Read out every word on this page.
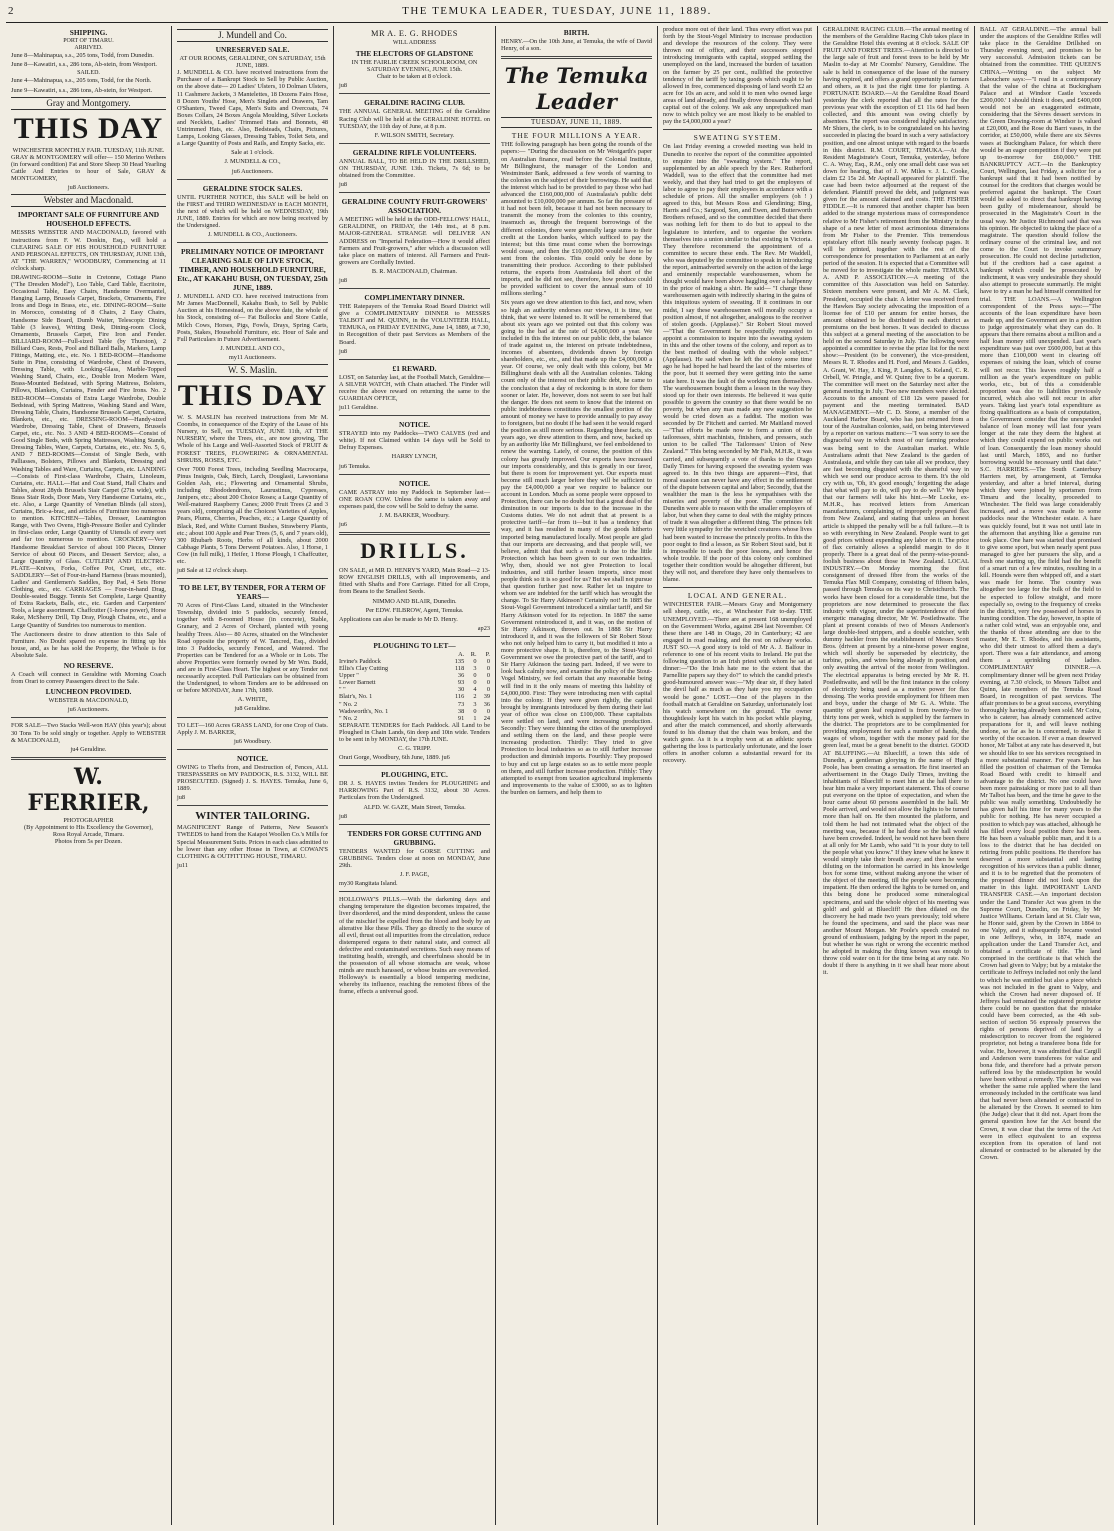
2	THE TEMUKA LEADER, TUESDAY, JUNE 11, 1889.
SHIPPING.
PORT OF TIMARU.
ARRIVED.

June 8—Mahinapua, s.s., 205 tons, Todd, from Dunedin.

June 8—Kawatiri, s.s., 286 tons, Ab-stein, from Westport.

SAILED.

June 4—Mahinapua, s.s., 205 tons, Todd, for the North.

June 9—Kawatiri, s.s., 286 tons, Ab-stein, for Westport.

Gray and Montgomery.
THIS DAY
WINCHESTER MONTHLY FAIR. TUESDAY, 11th JUNE.

GRAY & MONTGOMERY will offer— 150 Merino Wethers (in forward condition) Fat and Store Sheep 30 Head Yearling Cattle And Entries to hour of Sale, GRAY & MONTGOMERY,

ju8 Auctioneers.

Webster and Macdonald.
IMPORTANT SALE OF FURNITURE AND HOUSEHOLD EFFECTS.

MESSRS WEBSTER AND MACDONALD, favored with instructions from F. W. Donkin, Esq., will hold a CLEARING SALE OF HIS HOUSEHOLD FURNITURE AND PERSONAL EFFECTS, ON THURSDAY, JUNE 13th, AT "THE WARREN," WOODBURY, Commencing at 11 o'clock sharp.

DRAWING-ROOM—Suite in Cretonne, Cottage Piano ("The Dresden Model"), Loo Table, Card Table, Escritoire, Occasional Table, Easy Chairs, Handsome Overmantel, Hanging Lamp, Brussels Carpet, Brackets, Ornaments, Fire Irons and Dogs in Brass, etc., etc. DINING-ROOM—Suite in Morocco, consisting of 8 Chairs, 2 Easy Chairs, Handsome Side Board, Dumb Waiter, Telescopic Dining Table (3 leaves), Writing Desk, Dining-room Clock, Ornaments, Brussels Carpet, Fire Iron and Fender. BILLIARD-ROOM—Full-sized Table (by Thurston), 2 Billiard Cues, Rests, Pool and Billiard Balls, Markers, Lamp Fittings, Matting, etc., etc. No. 1 BED-ROOM—Handsome Suite in Pine, consisting of Wardrobe, Chest of Drawers, Dressing Table, with Looking-Glass, Marble-Topped Washing Stand, Chairs, etc., Double Iron Modern Ware, Brass-Mounted Bedstead, with Spring Mattress, Bolsters, Pillows, Blankets, Curtains, Fender and Fire Irons. No. 2 BED-ROOM—Consists of Extra Large Wardrobe, Double Bedstead, with Spring Mattress, Washing Stand and Ware, Dressing Table, Chairs, Handsome Brussels Carpet, Curtains, Blankets, etc., etc. DRESSING-ROOM—Handy-sized Wardrobe, Dressing Table, Chest of Drawers, Brussels Carpet, etc., etc. No. 3 AND 4 BED-ROOMS—Consist of Good Single Beds, with Spring Mattresses, Washing Stands, Dressing Tables, Ware, Carpets, Curtains, etc., etc. No. 5, 6, AND 7 BED-ROOMS—Consist of Single Beds, with Palliasses, Bolsters, Pillows and Blankets, Dressing and Washing Tables and Ware, Curtains, Carpets, etc. LANDING—Consists of First-class Wardrobe, Chairs, Linoleum, Curtains, etc. HALL—Hat and Coat Stand, Hall Chairs and Tables, about 28yds Brussels Stair Carpet (27in wide), with Brass Stair Rods, Door Mats, Very Handsome Curtains, etc., etc. Also, a Large Quantity of Venetian Blinds (all sizes), Curtains, Bric-a-brac, and articles of Furniture too numerous to mention. KITCHEN—Tables, Dresser, Leamington Range, with Two Ovens, High-Pressure Boiler and Cylinder in first-class order, Large Quantity of Utensils of every sort and far too numerous to mention. CROCKERY—Very Handsome Breakfast Service of about 100 Pieces, Dinner Service of about 60 Pieces, and Dessert Service; also, a Large Quantity of Glass. CUTLERY AND ELECTRO-PLATE—Knives, Forks, Coffee Pot, Cruet, etc., etc. SADDLERY—Set of Four-in-hand Harness (brass mounted), Ladies' and Gentlemen's Saddles, Boy Pad, 4 Sets Horse Clothing, etc., etc. CARRIAGES — Four-in-hand Drag, Double-seated Buggy. Tennis Set Complete, Large Quantity of Extra Rackets, Balls, etc., etc. Garden and Carpenters' Tools, a large assortment. Chaffcutter (1-horse power), Horse Rake, McSherry Drill, Tip Dray, Plough Chains, etc., and a Large Quantity of Sundries too numerous to mention.

The Auctioneers desire to draw attention to this Sale of Furniture. No Doubt spared no expense in fitting up his house, and, as he has sold the Property, the Whole is for Absolute Sale.

NO RESERVE.

A Coach will connect in Geraldine with Morning Coach from Orari to convey Passengers direct to the Sale.

LUNCHEON PROVIDED.

WEBSTER & MACDONALD,

ju6 Auctioneers.

FOR SALE—Two Stacks Well-won HAY (this year's); about 30 Tons To be sold singly or together. Apply to WEBSTER & MACDONALD,

ju4 Geraldine.

W. FERRIER,
PHOTOGRAPHER
(By Appointment to His Excellency the Governor),
Ross Royal Arcade, Timaru.
Photos from 5s per Dozen.
J. Mundell and Co.
UNRESERVED SALE.
AT OUR ROOMS, GERALDINE, ON SATURDAY, 15th JUNE, 1889.

J. MUNDELL & CO. have received instructions from the Purchaser of a Bankrupt Stock to Sell by Public Auction, on the above date— 20 Ladies' Ulsters, 10 Dolman Ulsters, 11 Cashmere Jackets, 3 Mantelettes, 18 Dozens Fairs Hose, 8 Dozen Youths' Hose, Men's Singlets and Drawers, Tam O'Shanters, Tweed Caps, Men's Suits and Overcoats, 74 Boxes Collars, 24 Boxes Angola Moulding, Silver Lockets and Necklets, Ladies' Trimmed Hats and Bonnets, 48 Untrimmed Hats, etc. Also, Bedsteads, Chairs, Pictures, Lamps, Looking Glasses, Dressing Tables, Toilet Sets, and a Large Quantity of Posts and Rails, and Empty Sacks, etc.

Sale at 1 o'clock.

J. MUNDELL & CO.,

ju6 Auctioneers.

GERALDINE STOCK SALES.

UNTIL FURTHER NOTICE, this SALE will be held on the FIRST and THIRD WEDNESDAY in EACH MONTH, the next of which will be held on WEDNESDAY, 19th JUNE, 1889. Entries for which are now being received by the Undersigned.

J. MUNDELL & CO., Auctioneers.

PRELIMINARY NOTICE OF IMPORTANT CLEARING SALE OF LIVE STOCK, TIMBER, AND HOUSEHOLD FURNITURE, Etc., AT KAKAHU BUSH, ON TUESDAY, 25th JUNE, 1889.

J. MUNDELL AND CO. have received instructions from Mr James MacDonnell, Kakahu Bush, to Sell by Public Auction at his Homestead, on the above date, the whole of his Stock, consisting of— Fat Bullocks and Store Cattle, Milch Cows, Horses, Pigs, Fowls, Drays, Spring Carts, Posts, Stakes, Household Furniture, etc. Hour of Sale and Full Particulars in Future Advertisement.

J. MUNDELL AND CO.,

my11 Auctioneers.

W. S. Maslin.
THIS DAY

W. S. MASLIN has received instructions from Mr M. Coombs, in consequence of the Expiry of the Lease of his Nursery, to Sell, on TUESDAY, JUNE 11th, AT THE NURSERY, where the Trees, etc., are now growing, The Whole of his Large and Well-Assorted Stock of FRUIT & FOREST TREES, FLOWERING & ORNAMENTAL SHRUBS, ROSES, ETC.

Over 7000 Forest Trees, including Seedling Macrocarpa, Pinus Insignis, Oak, Birch, Larch, Douglasii, Lawsoniana Golden Ash, etc.; Flowering and Ornamental Shrubs, including Rhododendrons, Laurustinus, Cypresses, Junipers, etc.; about 200 Choice Roses; a Large Quantity of Well-matured Raspberry Canes; 2000 Fruit Trees (2 and 3 years old), comprising all the Choicest Varieties of Apples, Pears, Plums, Cherries, Peaches, etc.; a Large Quantity of Black, Red, and White Currant Bushes, Strawberry Plants, etc.; about 100 Apple and Pear Trees (5, 6, and 7 years old), 300 Rhubarb Roots, Herbs of all kinds, about 2000 Cabbage Plants, 5 Tons Derwent Potatoes. Also, 1 Horse, 1 Cow (in full milk), 1 Heifer, 1 Horse Plough, 1 Chaffcutter, etc.

ju8 Sale at 12 o'clock sharp.

TO BE LET, BY TENDER, FOR A TERM OF YEARS—

70 Acres of First-Class Land, situated in the Winchester Township, divided into 5 paddocks, securely fenced, together with 8-roomed House (in concrete), Stable, Granary, and 2 Acres of Orchard, planted with young healthy Trees. Also— 80 Acres, situated on the Winchester Road opposite the property of W. Tancred, Esq., divided into 3 Paddocks, securely Fenced, and Watered. The Properties can be Tendered for as a Whole or in Lots. The above Properties were formerly owned by Mr Wm. Budd, and are in First-Class Heart. The highest or any Tender not necessarily accepted. Full Particulars can be obtained from the Undersigned, to whom Tenders are to be addressed on or before MONDAY, June 17th, 1889.

A. WHITE,

ju8 Geraldine.

TO LET—160 Acres GRASS LAND, for one Crop of Oats. Apply J. M. BARKER,

ju6 Woodbury.

NOTICE.

OWING to Thefts from, and Destruction of, Fences, ALL TRESPASSERS on MY PADDOCK, R.S. 3132, WILL BE PROSECUTED. (Signed) J. S. HAYES. Temuka, June 6, 1889.

ju8

WINTER TAILORING.

MAGNIFICENT Range of Patterns, New Season's TWEEDS to hand from the Kaiapoi Woollen Co.'s Mills for Special Measurement Suits. Prices in each class admitted to be lower than any other House in Town, at COWAN'S CLOTHING & OUTFITTING HOUSE, TIMARU.

ju11

MR A. E. G. RHODES
WILL ADDRESS
THE ELECTORS OF GLADSTONE
IN THE FAIRLIE CREEK SCHOOLROOM, ON SATURDAY EVENING, JUNE 15th.

Chair to be taken at 8 o'clock.

ju8

GERALDINE RACING CLUB.

THE ANNUAL GENERAL MEETING of the Geraldine Racing Club will be held at the GERALDINE HOTEL on TUESDAY, the 11th day of June, at 8 p.m.

F. WILSON SMITH, Secretary.

GERALDINE RIFLE VOLUNTEERS.

ANNUAL BALL, TO BE HELD IN THE DRILLSHED, ON THURSDAY, JUNE 13th. Tickets, 7s 6d; to be obtained from the Committee.

ju8

GERALDINE COUNTY FRUIT-GROWERS' ASSOCIATION.

A MEETING will be held in the ODD-FELLOWS' HALL, GERALDINE, on FRIDAY, the 14th inst., at 8 p.m. MAJOR-GENERAL STRANGE will DELIVER AN ADDRESS on "Imperial Federation—How it would affect Farmers and Fruit-growers," after which a discussion will take place on matters of interest. All Farmers and Fruit-growers are Cordially Invited.

B. R. MACDONALD, Chairman.

ju8

COMPLIMENTARY DINNER.

THE Ratepayers of the Temuka Road Board District will give a COMPLIMENTARY DINNER to MESSRS TALBOT and M. QUINN, in the VOLUNTEER HALL, TEMUKA, on FRIDAY EVENING, June 14, 1889, at 7.30, in Recognition of their past Services as Members of the Board.

ju8

£1 REWARD.

LOST, on Saturday last, at the Football Match, Geraldine—A SILVER WATCH, with Chain attached. The Finder will receive the above reward on returning the same to the GUARDIAN OFFICE,

ju11 Geraldine.

NOTICE.

STRAYED into my Paddocks—TWO CALVES (red and white). If not Claimed within 14 days will be Sold to Defray Expenses.

HARRY LYNCH,

ju6 Temuka.

NOTICE.

CAME ASTRAY into my Paddock in September last—ONE ROAN COW. Unless the same is taken away and expenses paid, the cow will be Sold to defray the same.

J. M. BARKER, Woodbury.

ju6

DRILLS.

ON SALE, at MR D. HENRY'S YARD, Main Road—2 13-ROW ENGLISH DRILLS, with all improvements, and fitted with Shafts and Fore Carriage. Fitted for all Crops, from Beans to the Smallest Seeds.

NIMMO AND BLAIR, Dunedin.

Per EDW. FILBROW, Agent, Temuka.

Applications can also be made to Mr D. Henry.

ap23

PLOUGHING TO LET—
	A.	R.	P.
Irvine's Paddock	135	0	0
Ellis's Clay Cutting	118	3	0
Upper "	36	0	0
Lower Barnett	93	0	0
" "	30	4	0
Blair's, No. 1	116	2	39
" No. 2	73	3	36
Wadsworth's, No. 1	38	0	0
" No. 2	91	1	24

SEPARATE TENDERS for Each Paddock. All Land to be Ploughed in Chain Lands, 6in deep and 10in wide. Tenders to be sent in by MONDAY, the 17th JUNE.

C. G. TRIPP.

Orari Gorge, Woodbury, 6th June, 1889. ju6

PLOUGHING, ETC.

DR J. S. HAYES invites Tenders for PLOUGHING and HARROWING Part of R.S. 3132, about 30 Acres. Particulars from the Undersigned.

ALFD. W. GAZE, Main Street, Temuka.

ju8

TENDERS FOR GORSE CUTTING AND GRUBBING.

TENDERS WANTED for GORSE CUTTING and GRUBBING. Tenders close at noon on MONDAY, June 29th.

J. F. PAGE,

my30 Rangitata Island.

HOLLOWAY'S PILLS.—With the darkening days and changing temperature the digestion becomes impaired, the liver disordered, and the mind despondent, unless the cause of the mischief be expelled from the blood and body by an alterative like these Pills. They go directly to the source of all evil, thrust out all impurities from the circulation, reduce distempered organs to their natural state, and correct all defective and contaminated secretions. Such easy means of instituting health, strength, and cheerfulness should be in the possession of all whose stomachs are weak, whose minds are much harassed, or whose brains are overworked. Holloway's is essentially a blood tempering medicine, whereby its influence, reaching the remotest fibres of the frame, effects a universal good.

BIRTH.

HENRY.—On the 10th June, at Temuka, the wife of David Henry, of a son.

The Temuka Leader
TUESDAY, JUNE 11, 1889.
THE FOUR MILLIONS A YEAR.

THE following paragraph has been going the rounds of the papers:— "During the discussion on Mr Westgarth's paper on Australian finance, read before the Colonial Institute, Mr Billinghurst, the manager of the London and Westminster Bank, addressed a few words of warning to the colonies on the subject of their borrowings. He said that the interest which had to be provided to pay those who had advanced the £160,000,000 of Australasia's public debt amounted to £10,000,000 per annum. So far the pressure of it had not been felt, because it had not been necessary to transmit the money from the colonies to this country, inasmuch as, through the frequent borrowings of the different colonies, there were generally large sums to their credit at the London banks, which sufficed to pay the interest; but this time must come when the borrowings would cease, and then the £10,000,000 would have to be sent from the colonies. This could only be done by transmitting their produce. According to their published returns, the exports from Australasia fell short of the imports, and he did not see, therefore, how produce could be provided sufficient to cover the annual sum of 10 millions sterling."

Six years ago we drew attention to this fact, and now, when so high an authority endorses our views, it is time, we think, that we were listened to. It will be remembered that about six years ago we pointed out that this colony was going to the bad at the rate of £4,000,000 a year. We included in this the interest on our public debt, the balance of trade against us, the interest on private indebtedness, incomes of absentees, dividends drawn by foreign shareholders, etc., etc., and that made up the £4,000,000 a year. Of course, we only dealt with this colony, but Mr Billinghurst deals with all the Australian colonies. Taking count only of the interest on their public debt, he came to the conclusion that a day of reckoning is in store for them sooner or later. He, however, does not seem to see but half the danger. He does not seem to know that the interest on public indebtedness constitutes the smallest portion of the amount of money we have to provide annually to pay away to foreigners, but no doubt if he had seen it he would regard the position as still more serious. Regarding these facts, six years ago, we drew attention to them, and now, backed up by an authority like Mr Billinghurst, we feel emboldened to renew the warning. Lately, of course, the position of this colony has greatly improved. Our exports have increased our imports considerably, and this is greatly in our favor, but there is room for improvement yet. Our exports must become still much larger before they will be sufficient to pay the £4,000,000 a year we require to balance our account in London. Much as some people were opposed to Protection, there can be no doubt but that a great deal of the diminution in our imports is due to the increase in the Customs duties. We do not admit that at present is a protective tariff—far from it—but it has a tendency that way, and it has resulted in many of the goods hitherto imported being manufactured locally. Most people are glad that our imports are decreasing, and that people will, we believe, admit that that such a result is due to the little Protection which has been given to our own industries. Why, then, should we not give Protection to local industries, and still further lessen imports, since most people think so it is so good for us? But we shall not pursue that question further just now. Rather let us inquire to whom we are indebted for the tariff which has wrought the change. To Sir Harry Atkinson? Certainly not! In 1885 the Stout-Vogel Government introduced a similar tariff, and Sir Harry Atkinson voted for its rejection. In 1887 the same Government reintroduced it, and it was, on the motion of Sir Harry Atkinson, thrown out. In 1888 Sir Harry introduced it, and it was the followers of Sir Robert Stout who not only helped him to carry it, but modified it into a more protective shape. It is, therefore, to the Stout-Vogel Government we owe the protective part of the tariff, and to Sir Harry Atkinson the taxing part. Indeed, if we were to look back calmly now, and examine the policy of the Stout-Vogel Ministry, we feel certain that any reasonable being will find in it the only means of meeting this liability of £4,000,000. First: They were introducing men with capital into the colony. If they were given rightly, the capital brought by immigrants introduced by them during their last year of office was close on £100,000. These capitalists were settled on land, and were increasing production. Secondly: They were thinning the cities of the unemployed and settling them on the land, and these people were increasing production. Thirdly: They tried to give Protection to local industries so as to still further increase production and diminish imports. Fourthly: They proposed to buy and cut up large estates so as to settle more people on them, and still further increase production. Fifthly: They attempted to exempt from taxation agricultural implements and improvements to the value of £3000, so as to lighten the burden on farmers, and help them to

produce more out of their land. Thus every effort was put forth by the Stout-Vogel Ministry to increase production and develope the resources of the colony. They were thrown out of office, and their successors stopped introducing immigrants with capital, stopped settling the unemployed on the land, increased the burden of taxation on the farmer by 25 per cent., nullified the protective tendency of the tariff by taxing goods which ought to be allowed in free, commenced disposing of land worth £2 an acre for 10s an acre, and sold it to men who owned large areas of land already, and finally drove thousands who had capital out of the colony. We ask any unprejudiced man now to which policy we are most likely to be enabled to pay the £4,000,000 a year?

SWEATING SYSTEM.

On last Friday evening a crowded meeting was held in Dunedin to receive the report of the committee appointed to enquire into the "sweating system." The report, supplemented by an able speech by the Rev. Rutherford Waddell, was to the effect that the committee had met weekly, and that they had tried to get the employers of labor to agree to pay their employees in accordance with a schedule of prices. All the smaller employers (oh ! ) agreed to this, but Messrs Ross and Glendining; Bing, Harris and Co.; Sargood, Son, and Ewen, and Butterworth Brothers refused, and so the committee decided that there was nothing left for them to do but to appeal to the legislature to interfere, and to organise the workers themselves into a union similar to that existing in Victoria. They therefore recommend the appointment of a committee to secure these ends. The Rev. Mr Waddell, who was deputed by the committee to speak in introducing the report, animadverted severely on the action of the large and eminently respectable warehousemen, whom he thought would have been above haggling over a halfpenny in the price of making a shirt. He said— "I charge these warehousemen again with indirectly sharing in the gains of this iniquitous system of sweating. If it continues in our midst, I say these warehousemen will morally occupy a position almost, if not altogether, analogous to the receiver of stolen goods. (Applause)." Sir Robert Stout moved—"That the Government be respectfully requested to appoint a commission to inquire into the sweating system in this and the other towns of the colony, and report as to the best method of dealing with the whole subject." (Applause). He said when he left the colony some time ago he had hoped he had heard the last of the miseries of the poor, but it seemed they were getting into the same state here. It was the fault of the working men themselves. The warehousemen bought them a lesson in the way they stood up for their own interests. He believed it was quite possible to govern the country so that there would be no poverty, but when any man made any new suggestion he would be cried down as a faddist. The motion was seconded by Dr Fitchett and carried. Mr Maitland moved—"That efforts be made now to form a union of the tailoresses, shirt machinists, finishers, and pressers, such union to be called 'The Tailoresses' Union of New Zealand.'" This being seconded by Mr Fish, M.H.R., it was carried, and subsequently a vote of thanks to the Otago Daily Times for having exposed the sweating system was agreed to. In this two things are apparent—First, that moral suasion can never have any effect in the settlement of the dispute between capital and labor; Secondly, that the wealthier the man is the less he sympathises with the miseries and poverty of the poor. The committee of Dunedin were able to reason with the smaller employers of labor, but when they came to deal with the mighty princes of trade it was altogether a different thing. The princes felt very little sympathy for the wretched creatures whose lives had been wasted to increase the princely profits. In this the poor ought to find a lesson, as Sir Robert Stout said, but it is impossible to teach the poor lessons, and hence the whole trouble. If the poor of this colony only combined together their condition would be altogether different, but they will not, and therefore they have only themselves to blame.

LOCAL AND GENERAL.

WINCHESTER FAIR.—Messrs Gray and Montgomery sell sheep, cattle, etc., at Winchester Fair to-day. THE UNEMPLOYED.—There are at present 168 unemployed on the Government Works, against 284 last November. Of these there are 148 in Otago, 20 in Canterbury; 42 are engaged in road making, and the rest on railway works. JUST SO.—A good story is told of Mr A. J. Balfour in reference to one of his recent visits to Ireland. He put the following question to an Irish priest with whom he sat at dinner:—"Do the Irish hate me to the extent that the Parnellite papers say they do?" to which the candid priest's good-humoured answer was:—"My dear sir, if they hated the devil half as much as they hate you my occupation would be gone." LOST.—One of the players in the football match at Geraldine on Saturday, unfortunately lost his watch somewhere on the ground. The owner thoughtlessly kept his watch in his pocket while playing, and after the match commenced, and shortly afterwards found to his dismay that the chain was broken, and the watch gone. As it is a trophy won at an athletic sports gathering the loss is particularly unfortunate, and the loser offers in another column a substantial reward for its recovery.

GERALDINE RACING CLUB.—The annual meeting of the members of the Geraldine Racing Club takes place in the Geraldine Hotel this evening at 8 o'clock. SALE OF FRUIT AND FOREST TREES.—Attention is directed to the large sale of fruit and forest trees to be held by Mr Maslin to-day at Mr Coombs' Nursery, Geraldine. The sale is held in consequence of the lease of the nursery having expired, and offers a grand opportunity to farmers and others, as it is just the right time for planting. A FORTUNATE BOARD.—At the Geraldine Road Board yesterday the clerk reported that all the rates for the previous year with the exception of £1 11s 6d had been collected, and this amount was owing chiefly by absentees. The report was considered highly satisfactory. Mr Shiers, the clerk, is to be congratulated on his having succeeded in placing the board in such a very satisfactory position, and one almost unique with regard to the boards in this district. R.M. COURT, TEMUKA.—At the Resident Magistrate's Court, Temuka, yesterday, before C. A. Wray, Esq., R.M., only one small debt case was set down for hearing, that of J. W. Miles v. J. L. Cooke, claim £2 15s 2d. Mr Aspinall appeared for plaintiff. The case had been twice adjourned at the request of the defendant. Plaintiff proved the debt, and judgment was given for the amount claimed and costs. THE FISHER FIDDLE.—It is rumored that another chapter has been added to the strange mysterious mass of correspondence relative to Mr Fisher's retirement from the Ministry in the shape of a new letter of most acrimonious dimensions from Mr Fisher to the Premier. This tremendous epistolary effort fills nearly seventy foolscap pages. It will be printed, together with the rest of the correspondence for presentation to Parliament at an early period of the session. It is expected that a Committee will be moved for to investigate the whole matter. TEMUKA A. AND P. ASSOCIATION.—A meeting of the committee of this Association was held on Saturday. Sixteen members were present, and Mr A. M. Clark, President, occupied the chair. A letter was received from the Hawkes Bay society advocating the imposition of a license fee of £10 per annum for entire horses, the amount obtained to be distributed in each district as premiums on the best horses. It was decided to discuss this subject at a general meeting of the association to be held on the second Saturday in July. The following were appointed a committee to revise the prize list for the next show:—President (to be convener), the vice-president, Messrs R. T. Rhodes and H. Ford, and Messrs J. Gaddes, A. Grant, W. Hay, J. King, P. Langdon, S. Keland, C. R. Orbell, W. Pringle, and W. Quinn; five to be a quorum. The committee will meet on the Saturday next after the general meeting in July. Two new members were elected. Accounts to the amount of £18 12s were passed for payment and the meeting terminated. BAD MANAGEMENT.—Mr C. D. Stone, a member of the Auckland Harbor Board, who has just returned from a tour of the Australian colonies, said, on being interviewed by a reporter on various matters:—"I was sorry to see the disgraceful way in which most of our farming produce was being sent to the Australian market. While Australians admit that New Zealand is the garden of Australasia, and while they can take all we produce, they are fast becoming disgusted with the shameful way in which we send our produce across to them. It's the old cry with us, 'Oh, it's good enough,' forgetting the adage that what will pay to do, will pay to do well." We hope that our farmers will take his hint.—Mr Locke, ex-M.H.R., has received letters from American manufacturers, complaining of improperly prepared flax from New Zealand, and stating that unless an honest article is shipped the penalty will be a full failure.—It is so with everything in New Zealand. People want to get good prices without expending any labor on it. The price of flax certainly allows a splendid margin to do it properly. There is a great deal of the penny-wise-pound-foolish business about those in New Zealand. LOCAL INDUSTRY.—On Monday morning the first consignment of dressed fibre from the works of the Temuka Flax Mill Company, consisting of fifteen bales, passed through Temuka on its way to Christchurch. The works have been closed for a considerable time, but the proprietors are now determined to prosecute the flax industry with vigour, under the superintendence of their energetic managing director, Mr W. Postlethwaite. The plant at present consists of two of Messrs Anderson's large double-feed strippers, and a double scutcher, with dummy hackler from the establishment of Messrs Scott Bros. (driven at present by a nine-horse power engine, which will shortly be superseded by electricity, the turbine, poles, and wires being already in position, and only awaiting the arrival of the motor from Wellington. The electrical apparatus is being erected by Mr R. H. Postlethwaite, and will be the first instance in the colony of electricity being used as a motive power for flax dressing. The works provide employment for fifteen men and boys, under the charge of Mr G. A. White. The quantity of green leaf required is from twenty-five to thirty tons per week, which is supplied by the farmers in the district. The proprietors are to be complimented for providing employment for such a number of hands, the wages of whom, together with the money paid for the green leaf, must be a great benefit to the district. GOOD AT BLUFFING.—At Bluecliff, a town this side of Dunedin, a gentleman glorying in the name of Hugh Poole, has been creating a sensation. He first inserted an advertisement in the Otago Daily Times, inviting the inhabitants of Bluecliff to meet him at the hall there to hear him make a very important statement. This of course put everyone on the tiptoe of expectation, and when the hour came about 60 persons assembled in the hall. Mr Poole arrived, and would not allow the lights to be turned more than half on. He then mounted the platform, and told them he had not intimated what the object of the meeting was, because if he had done so the hall would have been crowded. Indeed, he would not have been there at all only for Mr Lamb, who said "it is your duty to tell the people what you know." If they knew what he knew it would simply take their breath away; and then he went diluting on the information he carried in his knowledge box for some time, without making anyone the wiser of the object of the meeting, till the people were becoming impatient. He then ordered the lights to be turned on, and this being done he produced some mineralogical specimens, and said the whole object of his meeting was gold! and gold at Bluecliff! He then dilated on the discovery he had made two years previously; told where he found the specimens, and said the place was near another Mount Morgan. Mr Poole's speech created no ground of enthusiasm, judging by the report in the paper, but whether he was right or wrong the eccentric method he adopted in making the thing known was enough to throw cold water on it for the time being at any rate. No doubt if there is anything in it we shall hear more about it.

BALL AT GERALDINE.—The annual ball under the auspices of the Geraldine Rifles will take place in the Geraldine Drillshed on Thursday evening next, and promises to be very successful. Admission tickets can be obtained from the committee. THE QUEEN'S CHINA.—Writing on the subject Mr Labouchere says:—"I read in a contemporary that the value of the china at Buckingham Palace and at Windsor Castle 'exceeds £200,000.' I should think it does, and £400,000 would not be an exaggerated estimate, considering that the Sèvres dessert services in the Green Drawing-room at Windsor is valued at £20,000, and the Rose du Barri vases, in the corridor, at £50,000, while there are six Sèvres vases at Buckingham Palace, for which there would be an eager competition if they were put up to-morrow for £60,000." THE BANKRUPTCY ACT.—In the Bankruptcy Court, Wellington, last Friday, a solicitor for a bankrupt said that it had been notified by counsel for the creditors that charges would be preferred against the bankrupt. The Court would be asked to direct that bankrupt having been guilty of misdemeanour, should be prosecuted in the Magistrate's Court in the usual way. Mr Justice Richmond said that was his opinion. He objected to taking the place of a magistrate. The question should follow the ordinary course of the criminal law, and not come to the Court to invoke summary prosecution. He could not decline jurisdiction, but if the creditors had a case against a bankrupt which could be prosecuted by indictment, it was very undesirable they should also attempt to prosecute summarily. He might have to try a man he had himself committed for trial. THE LOANS.—A Wellington correspondent of the Press says:—"The accounts of the loan expenditure have been made up, and the Government are in a position to judge approximately what they can do. It appears that there remains about a million and a half loan money still unexpended. Last year's expenditure was just over £600,000, but at this more than £100,000 went in clearing off expenses of raising the loan, which of course will not recur. This leaves roughly half a million as the year's expenditure on public works, etc., but of this a considerable proportion was due to liabilities previously incurred, which also will not recur in after years. Taking last year's total expenditure as fixing qualifications as a basis of computation, the Government consider that the unexpended balance of loan money will last four years longer at the rate they deem the highest at which they could expend on public works out of loan. Consequently the loan money should last until March, 1893, and no further borrowing would be necessary until that date." S.C. HARRIERS.—The South Canterbury Harriers met, by arrangement, at Temuka yesterday, and after a brief interval, during which they were joined by sportsmen from Timaru and the locality, proceeded to Winchester. The field was large considerably increased, and a move was made to some paddocks near the Winchester estate. A hare was quickly found, but it was not until late in the afternoon that anything like a genuine run took place. One hare was started that promised to give some sport, but when nearly spent puss managed to give her pursuers the slip, and a fresh one starting up, the field had the benefit of a smart run of a few minutes, resulting in a kill. Hounds were then whipped off, and a start was made for home. The country was altogether too large for the bulk of the field to be expected to follow straight, and more especially so, owing to the frequency of creeks in the district, very few possessed of horses in hunting condition. The day, however, in spite of a rather cold wind, was an enjoyable one, and the thanks of those attending are due to the master, Mr E. T. Rhodes, and his assistants, who did their utmost to afford them a day's sport. There was a fair attendance, and among them a sprinkling of ladies. COMPLIMENTARY DINNER.—A complimentary dinner will be given next Friday evening, at 7.30 o'clock, to Messrs Talbot and Quinn, late members of the Temuka Road Board, in recognition of past services. The affair promises to be a great success, everything thoroughly having already been sold. Mr Coira, who is caterer, has already commenced active preparations for it, and will leave nothing undone, so far as he is concerned, to make it worthy of the occasion. If ever a man deserved honor, Mr Talbot at any rate has deserved it, but we should like to see his services recognised in a more substantial manner. For years he has filled the position of chairman of the Temuka Road Board with credit to himself and advantage to the district. No one could have been more painstaking or more just to all than Mr Talbot has been, and the time he gave to the public was really something. Undoubtedly he has given half his time for many years to the public for nothing. He has never occupied a position to which pay was attached, although he has filled every local position there has been. He has been a valuable public man, and it is a loss to the district that he has decided on retiring from public positions. He therefore has deserved a more substantial and lasting recognition of his services than a public dinner, and it is to be regretted that the promoters of the proposed dinner did not look upon the matter in this light. IMPORTANT LAND TRANSFER CASE.—An important decision under the Land Transfer Act was given in the Supreme Court, Dunedin, on Friday, by Mr Justice Williams. Certain land at St. Clair was, he Honor said, given by the Crown in 1864 to one Valpy, and it subsequently became vested in one Jeffreys, who, in 1874, made an application under the Land Transfer Act, and obtained a certificate of title. The land comprised in the certificate is that which the Crown had given to Valpy; but by a mistake the certificate to Jeffreys included not only the land to which he was entitled but also a piece which was not included in the grant to Valpy, and which the Crown had never disposed of. If Jeffreys had remained the registered proprietor there could be no question that the mistake could have been corrected, as the 4th sub-section of section 56 expressly preserves the rights of persons deprived of land by a misdescription to recover from the registered proprietor, not being a transferee bona fide for value. He, however, it was admitted that Cargill and Anderson were transferees for value and bona fide, and therefore had a private person suffered loss by the misdescription he would have been without a remedy. The question was whether the same rule applied where the land erroneously included in the certificate was land that had never been alienated or contracted to be alienated by the Crown. It seemed to him (the Judge) clear that it did not. Apart from the general question how far the Act bound the Crown, it was clear that the terms of the Act were in effect equivalent to an express exception from its operation of land not alienated or contracted to be alienated by the Crown.
